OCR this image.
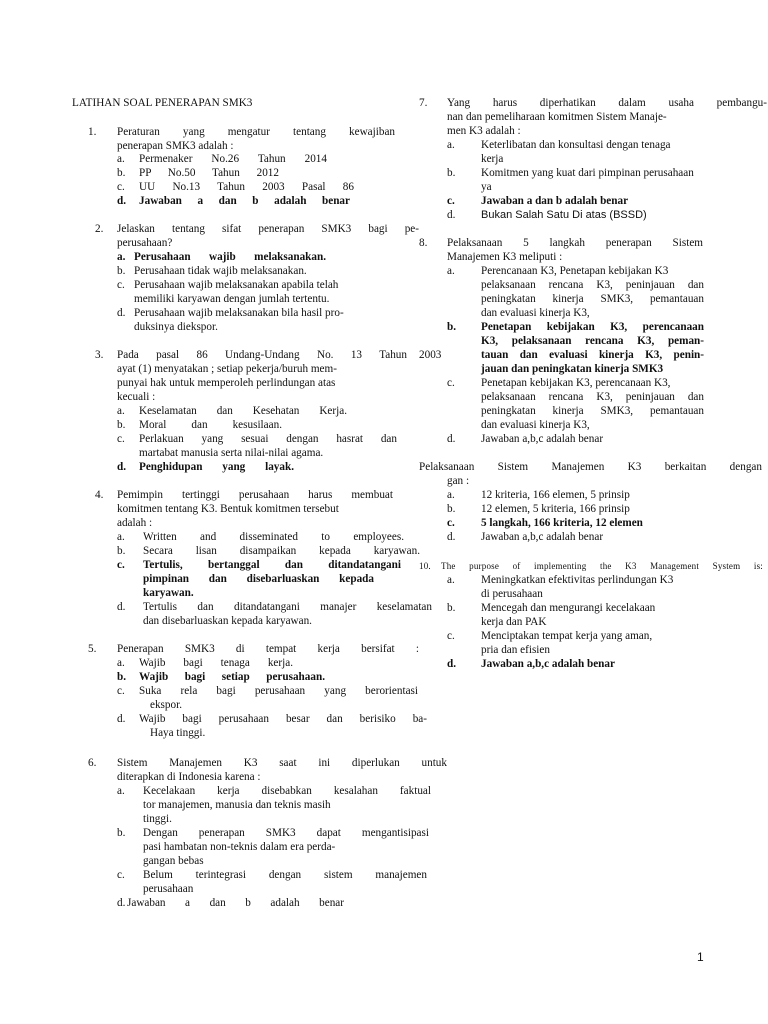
LATIHAN SOAL PENERAPAN SMK3
1. Peraturan yang mengatur tentang kewajiban
penerapan SMK3 adalah :
a. Permenaker No.26 Tahun 2014
b. PP No.50 Tahun 2012
c. UU No.13 Tahun 2003 Pasal 86
d. Jawaban a dan b adalah benar
2. Jelaskan tentang sifat penerapan SMK3 bagi pe-
perusahaan?
a. Perusahaan wajib melaksanakan.
b. Perusahaan tidak wajib melaksanakan.
c. Perusahaan wajib melaksanakan apabila telah
memiliki karyawan dengan jumlah tertentu.
d. Perusahaan wajib melaksanakan bila hasil pro-
duksinya diekspor.
3. Pada pasal 86 Undang-Undang No. 13 Tahun 2003
ayat (1) menyatakan ; setiap pekerja/buruh mem-
punyai hak untuk memperoleh perlindungan atas
kecuali :
a. Keselamatan dan Kesehatan Kerja.
b. Moral dan kesusilaan.
c. Perlakuan yang sesuai dengan hasrat dan
martabat manusia serta nilai-nilai agama.
d. Penghidupan yang layak.
4. Pemimpin tertinggi perusahaan harus membuat
komitmen tentang K3. Bentuk komitmen tersebut
adalah :
a. Written and disseminated to employees.
b. Secara lisan disampaikan kepada karyawan.
c. Tertulis, bertanggal dan ditandatangani
pimpinan dan disebarluaskan kepada
karyawan.
d. Tertulis dan ditandatangani manajer keselamatan
dan disebarluaskan kepada karyawan.
5. Penerapan SMK3 di tempat kerja bersifat :
a. Wajib bagi tenaga kerja.
b. Wajib bagi setiap perusahaan.
c. Suka rela bagi perusahaan yang berorientasi
ekspor.
d. Wajib bagi perusahaan besar dan berisiko ba-
Haya tinggi.
6. Sistem Manajemen K3 saat ini diperlukan untuk
diterapkan di Indonesia karena :
a. Kecelakaan kerja disebabkan kesalahan faktual
tor manajemen, manusia dan teknis masih
tinggi.
b. Dengan penerapan SMK3 dapat mengantisipasi
pasi hambatan non-teknis dalam era perda-
gangan bebas
c. Belum terintegrasi dengan sistem manajemen
perusahaan
d. Jawaban a dan b adalah benar
7. Yang harus diperhatikan dalam usaha pembangu-
nan dan pemeliharaan komitmen Sistem Manaje-
men K3 adalah :
a. Keterlibatan dan konsultasi dengan tenaga
kerja
b. Komitmen yang kuat dari pimpinan perusahaan
ya
c. Jawaban a dan b adalah benar
d. Bukan Salah Satu Di atas (BSSD)
8. Pelaksanaan 5 langkah penerapan Sistem
Manajemen K3 meliputi :
a. Perencanaan K3, Penetapan kebijakan K3
pelaksanaan rencana K3, peninjauan dan
peningkatan kinerja SMK3, pemantauan
dan evaluasi kinerja K3,
b. Penetapan kebijakan K3, perencanaan
K3, pelaksanaan rencana K3, peman-
tauan dan evaluasi kinerja K3, penin-
jauan dan peningkatan kinerja SMK3
c. Penetapan kebijakan K3, perencanaan K3,
pelaksanaan rencana K3, peninjauan dan
peningkatan kinerja SMK3, pemantauan
dan evaluasi kinerja K3,
d. Jawaban a,b,c adalah benar
Pelaksanaan Sistem Manajemen K3 berkaitan dengan
gan :
a. 12 kriteria, 166 elemen, 5 prinsip
b. 12 elemen, 5 kriteria, 166 prinsip
c. 5 langkah, 166 kriteria, 12 elemen
d. Jawaban a,b,c adalah benar
10. The purpose of implementing the K3 Management System is:
a. Meningkatkan efektivitas perlindungan K3
di perusahaan
b. Mencegah dan mengurangi kecelakaan
kerja dan PAK
c. Menciptakan tempat kerja yang aman,
pria dan efisien
d. Jawaban a,b,c adalah benar
1
